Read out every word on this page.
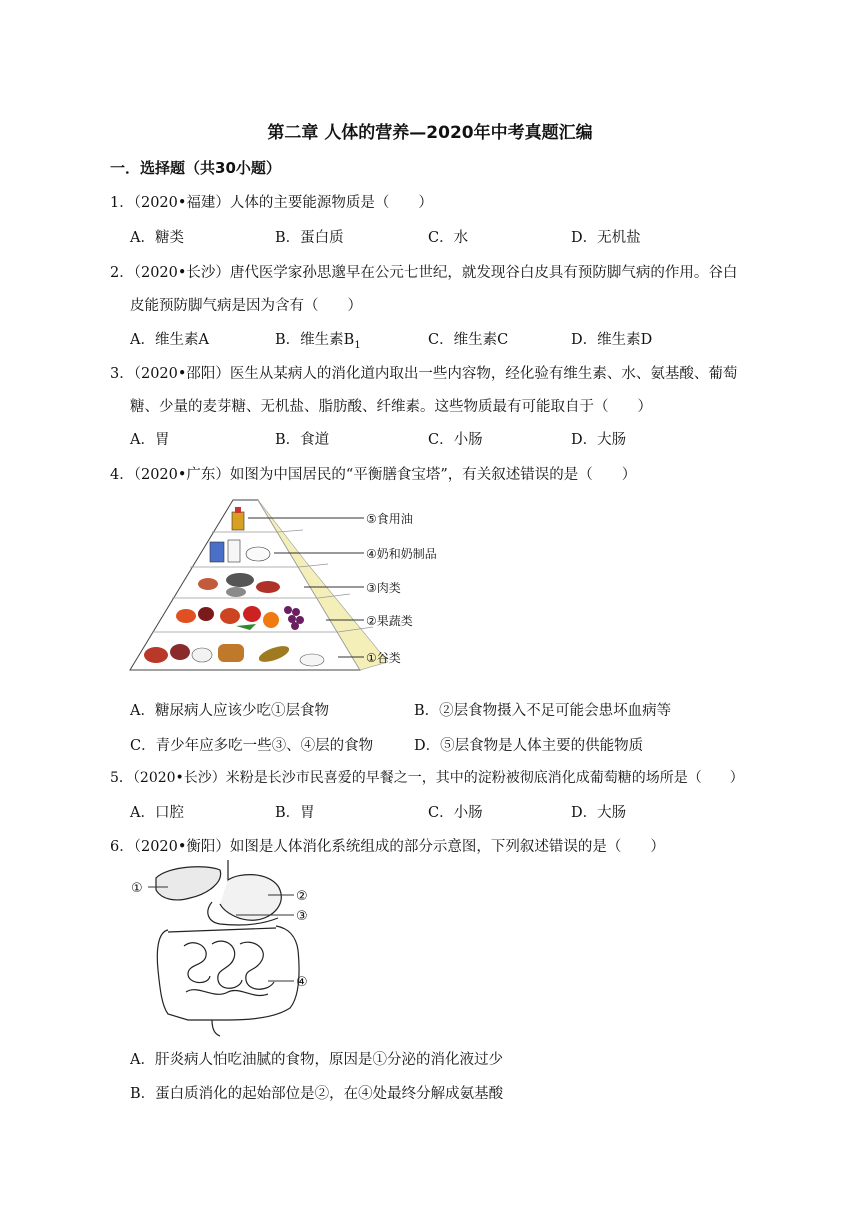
第二章 人体的营养—2020年中考真题汇编
一．选择题（共30小题）
1．（2020•福建）人体的主要能源物质是（　　）
A．糖类	B．蛋白质	C．水	D．无机盐
2．（2020•长沙）唐代医学家孙思邈早在公元七世纪，就发现谷白皮具有预防脚气病的作用。谷白
皮能预防脚气病是因为含有（　　）
A．维生素A	B．维生素$B_1$	C．维生素C	D．维生素D
3．（2020•邵阳）医生从某病人的消化道内取出一些内容物，经化验有维生素、水、氨基酸、葡萄
糖、少量的麦芽糖、无机盐、脂肪酸、纤维素。这些物质最有可能取自于（　　）
A．胃	B．食道	C．小肠	D．大肠
4．（2020•广东）如图为中国居民的“平衡膳食宝塔”，有关叙述错误的是（　　）
⑤食用油
④奶和奶制品
③肉类
②果蔬类
①谷类
A．糖尿病人应该少吃①层食物	B．②层食物摄入不足可能会患坏血病等
C．青少年应多吃一些③、④层的食物	D．⑤层食物是人体主要的供能物质
5．（2020•长沙）米粉是长沙市民喜爱的早餐之一，其中的淀粉被彻底消化成葡萄糖的场所是（　　）
A．口腔	B．胃	C．小肠	D．大肠
6．（2020•衡阳）如图是人体消化系统组成的部分示意图，下列叙述错误的是（　　）
①
②
③
④
A．肝炎病人怕吃油腻的食物，原因是①分泌的消化液过少
B．蛋白质消化的起始部位是②，在④处最终分解成氨基酸
